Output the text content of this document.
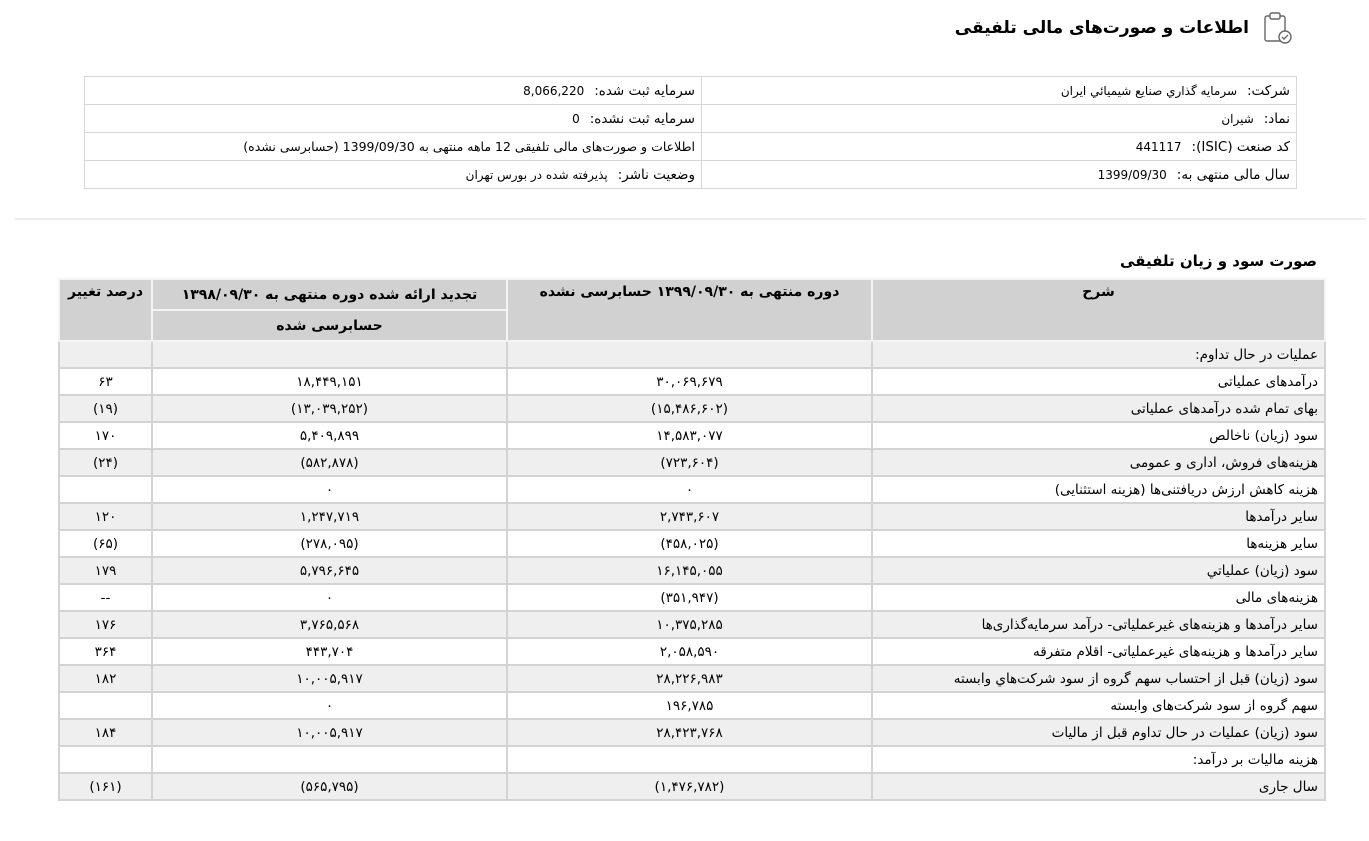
اطلاعات و صورت‌های مالی تلفیقی
شرکت: سرمایه گذاري صنايع شيميائي ايران	سرمایه ثبت شده: 8,066,220
نماد: شیران	سرمایه ثبت نشده: 0
کد صنعت (ISIC): 441117	اطلاعات و صورت‌های مالی تلفیقی 12 ماهه منتهی به 1399/09/30 (حسابرسی نشده)
سال مالی منتهی به: 1399/09/30	وضعیت ناشر: پذیرفته شده در بورس تهران
صورت سود و زیان تلفیقی
شرح	دوره منتهی به ۱۳۹۹/۰۹/۳۰ حسابرسی نشده	تجدید ارائه شده دوره منتهی به ۱۳۹۸/۰۹/۳۰	درصد تغییر
		حسابرسی شده	
عملیات در حال تداوم:			
درآمدهای عملیاتی	۳۰,۰۶۹,۶۷۹	۱۸,۴۴۹,۱۵۱	۶۳
بهای تمام شده درآمدهای عملیاتی	(۱۵,۴۸۶,۶۰۲)	(۱۳,۰۳۹,۲۵۲)	(۱۹)
سود (زیان) ناخالص	۱۴,۵۸۳,۰۷۷	۵,۴۰۹,۸۹۹	۱۷۰
هزینه‌های فروش، اداری و عمومی	(۷۲۳,۶۰۴)	(۵۸۲,۸۷۸)	(۲۴)
هزینه کاهش ارزش دریافتنی‌ها (هزینه استثنایی)	۰	۰	
سایر درآمدها	۲,۷۴۳,۶۰۷	۱,۲۴۷,۷۱۹	۱۲۰
سایر هزینه‌ها	(۴۵۸,۰۲۵)	(۲۷۸,۰۹۵)	(۶۵)
سود (زیان) عملیاتي	۱۶,۱۴۵,۰۵۵	۵,۷۹۶,۶۴۵	۱۷۹
هزینه‌های مالی	(۳۵۱,۹۴۷)	۰	--
سایر درآمدها و هزینه‌های غیرعملیاتی- درآمد سرمایه‌گذاری‌ها	۱۰,۳۷۵,۲۸۵	۳,۷۶۵,۵۶۸	۱۷۶
سایر درآمدها و هزینه‌های غیرعملیاتی- اقلام متفرقه	۲,۰۵۸,۵۹۰	۴۴۳,۷۰۴	۳۶۴
سود (زیان) قبل از احتساب سهم گروه از سود شرکت‌هاي وابسته	۲۸,۲۲۶,۹۸۳	۱۰,۰۰۵,۹۱۷	۱۸۲
سهم گروه از سود شرکت‌های وابسته	۱۹۶,۷۸۵	۰	
سود (زیان) عملیات در حال تداوم قبل از مالیات	۲۸,۴۲۳,۷۶۸	۱۰,۰۰۵,۹۱۷	۱۸۴
هزینه مالیات بر درآمد:			
سال جاری	(۱,۴۷۶,۷۸۲)	(۵۶۵,۷۹۵)	(۱۶۱)
